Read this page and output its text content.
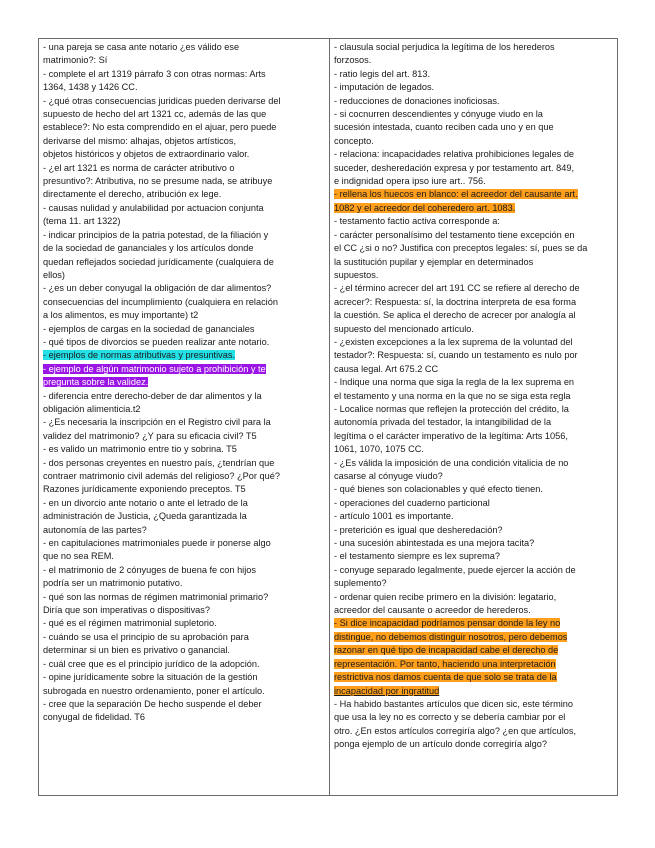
- una pareja se casa ante notario ¿es válido ese
matrimonio?: Sí
- complete el art 1319 párrafo 3 con otras normas: Arts
1364, 1438 y 1426 CC.
- ¿qué otras consecuencias juridicas pueden derivarse del
supuesto de hecho del art 1321 cc, además de las que
establece?: No esta comprendido en el ajuar, pero puede
derivarse del mismo: alhajas, objetos artísticos,
objetos históricos y objetos de extraordinario valor.
- ¿el art 1321 es norma de carácter atributivo o
presuntivo?: Atributiva, no se presume nada, se atribuye
directamente el derecho, atribución ex lege.
- causas nulidad y anulabilidad por actuacion conjunta
(tema 11. art 1322)
- indicar principios de la patria potestad, de la filiación y
de la sociedad de gananciales y los artículos donde
quedan reflejados sociedad jurídicamente (cualquiera de
ellos)
- ¿es un deber conyugal la obligación de dar alimentos?
consecuencias del incumplimiento (cualquiera en relación
a los alimentos, es muy importante) t2
- ejemplos de cargas en la sociedad de gananciales
- qué tipos de divorcios se pueden realizar ante notario.
- ejemplos de normas atributivas y presuntivas.
- ejemplo de algún matrimonio sujeto a prohibición y te
pregunta sobre la validez.
- diferencia entre derecho-deber de dar alimentos y la
obligación alimenticia.t2
- ¿Es necesaria la inscripción en el Registro civil para la
validez del matrimonio? ¿Y para su eficacia civil? T5
- es valido un matrimonio entre tio y sobrina. T5
- dos personas creyentes en nuestro país, ¿tendrían que
contraer matrimonio civil además del religioso? ¿Por qué?
Razones jurídicamente exponiendo preceptos. T5
- en un divorcio ante notario o ante el letrado de la
administración de Justicia, ¿Queda garantizada la
autonomía de las partes?
- en capitulaciones matrimoniales puede ir ponerse algo
que no sea REM.
- el matrimonio de 2 cónyuges de buena fe con hijos
podría ser un matrimonio putativo.
- qué son las normas de régimen matrimonial primario?
Diría que son imperativas o dispositivas?
- qué es el régimen matrimonial supletorio.
- cuándo se usa el principio de su aprobación para
determinar si un bien es privativo o ganancial.
- cuál cree que es el principio jurídico de la adopción.
- opine jurídicamente sobre la situación de la gestión
subrogada en nuestro ordenamiento, poner el artículo.
- cree que la separación De hecho suspende el deber
conyugal de fidelidad. T6
- clausula social perjudica la legítima de los herederos
forzosos.
- ratio legis del art. 813.
- imputación de legados.
- reducciones de donaciones inoficiosas.
- si cocnurren descendientes y cónyuge viudo en la
sucesión intestada, cuanto reciben cada uno y en que
concepto.
- relaciona: incapacidades relativa prohibiciones legales de
suceder, desheredación expresa y por testamento art. 849,
e indignidad opera ipso iure art.. 756.
- rellena los huecos en blanco: el acreedor del causante art.
1082 y el acreedor del coheredero art. 1083.
- testamento factio activa corresponde a:
- carácter personalísimo del testamento tiene excepción en
el CC ¿si o no? Justifica con preceptos legales: sí, pues se da
la sustitución pupilar y ejemplar en determinados
supuestos.
- ¿el término acrecer del art 191 CC se refiere al derecho de
acrecer?: Respuesta: sí, la doctrina interpreta de esa forma
la cuestión. Se aplica el derecho de acrecer por analogía al
supuesto del mencionado artículo.
- ¿existen excepciones a la lex suprema de la voluntad del
testador?: Respuesta: sí, cuando un testamento es nulo por
causa legal. Art 675.2 CC
- Indique una norma que siga la regla de la lex suprema en
el testamento y una norma en la que no se siga esta regla
- Localice normas que reflejen la protección del crédito, la
autonomía privada del testador, la intangibilidad de la
legítima o el carácter imperativo de la legítima: Arts 1056,
1061, 1070, 1075 CC.
- ¿Es válida la imposición de una condición vitalicia de no
casarse al cónyuge viudo?
- qué bienes son colacionables y qué efecto tienen.
- operaciones del cuaderno particional
- artículo 1001 es importante.
- preterición es igual que desheredación?
- una sucesión abintestada es una mejora tacita?
- el testamento siempre es lex suprema?
- conyuge separado legalmente, puede ejercer la acción de
suplemento?
- ordenar quien recibe primero en la división: legatario,
acreedor del causante o acreedor de herederos.
- Si dice incapacidad podríamos pensar donde la ley no
distingue, no debemos distinguir nosotros, pero debemos
razonar en qué tipo de incapacidad cabe el derecho de
representación. Por tanto, haciendo una interpretación
restrictiva nos damos cuenta de que solo se trata de la
incapacidad por ingratitud
- Ha habido bastantes artículos que dicen sic, este término
que usa la ley no es correcto y se debería cambiar por el
otro. ¿En estos artículos corregiría algo? ¿en que artículos,
ponga ejemplo de un artículo donde corregiría algo?
